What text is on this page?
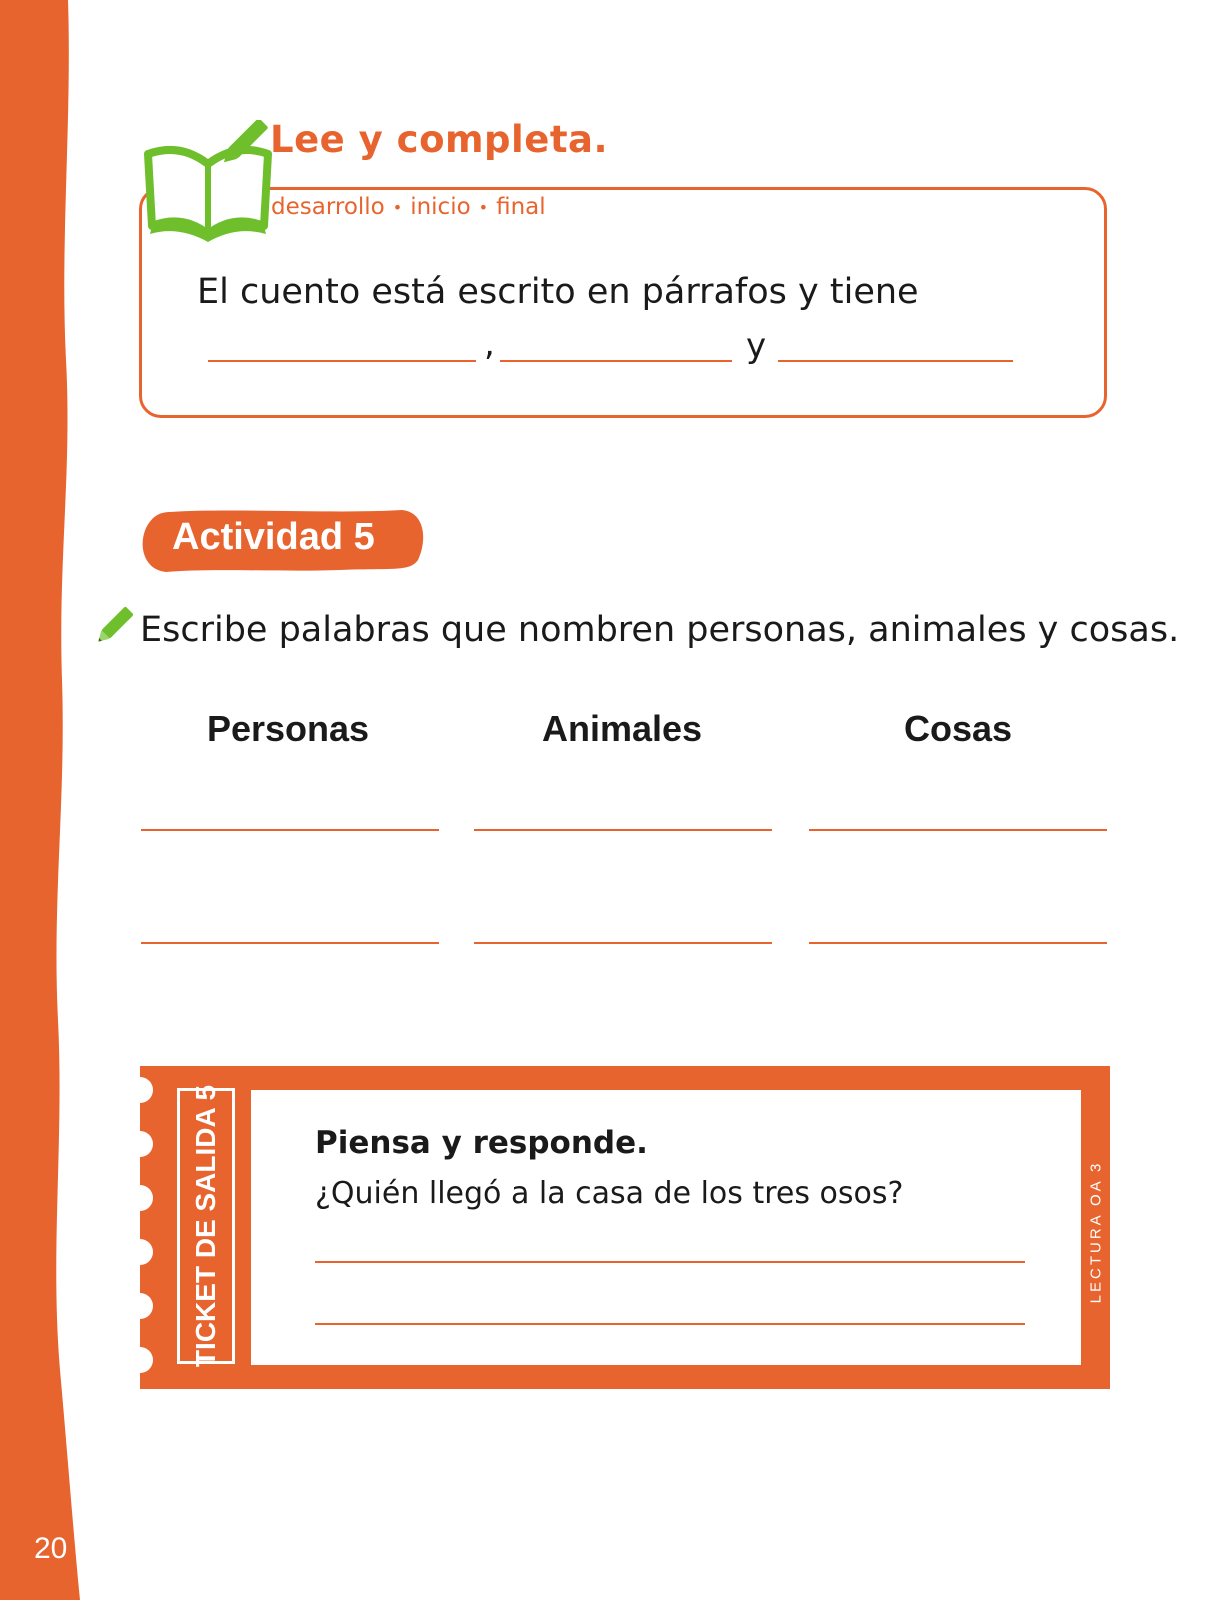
20
Lee y completa.
desarrollo • inicio • final
El cuento está escrito en párrafos y tiene
,	y
Actividad 5
Escribe palabras que nombren personas, animales y cosas.
Personas	Animales	Cosas
TICKET DE SALIDA 5	LECTURA OA 3
Piensa y responde.
¿Quién llegó a la casa de los tres osos?
